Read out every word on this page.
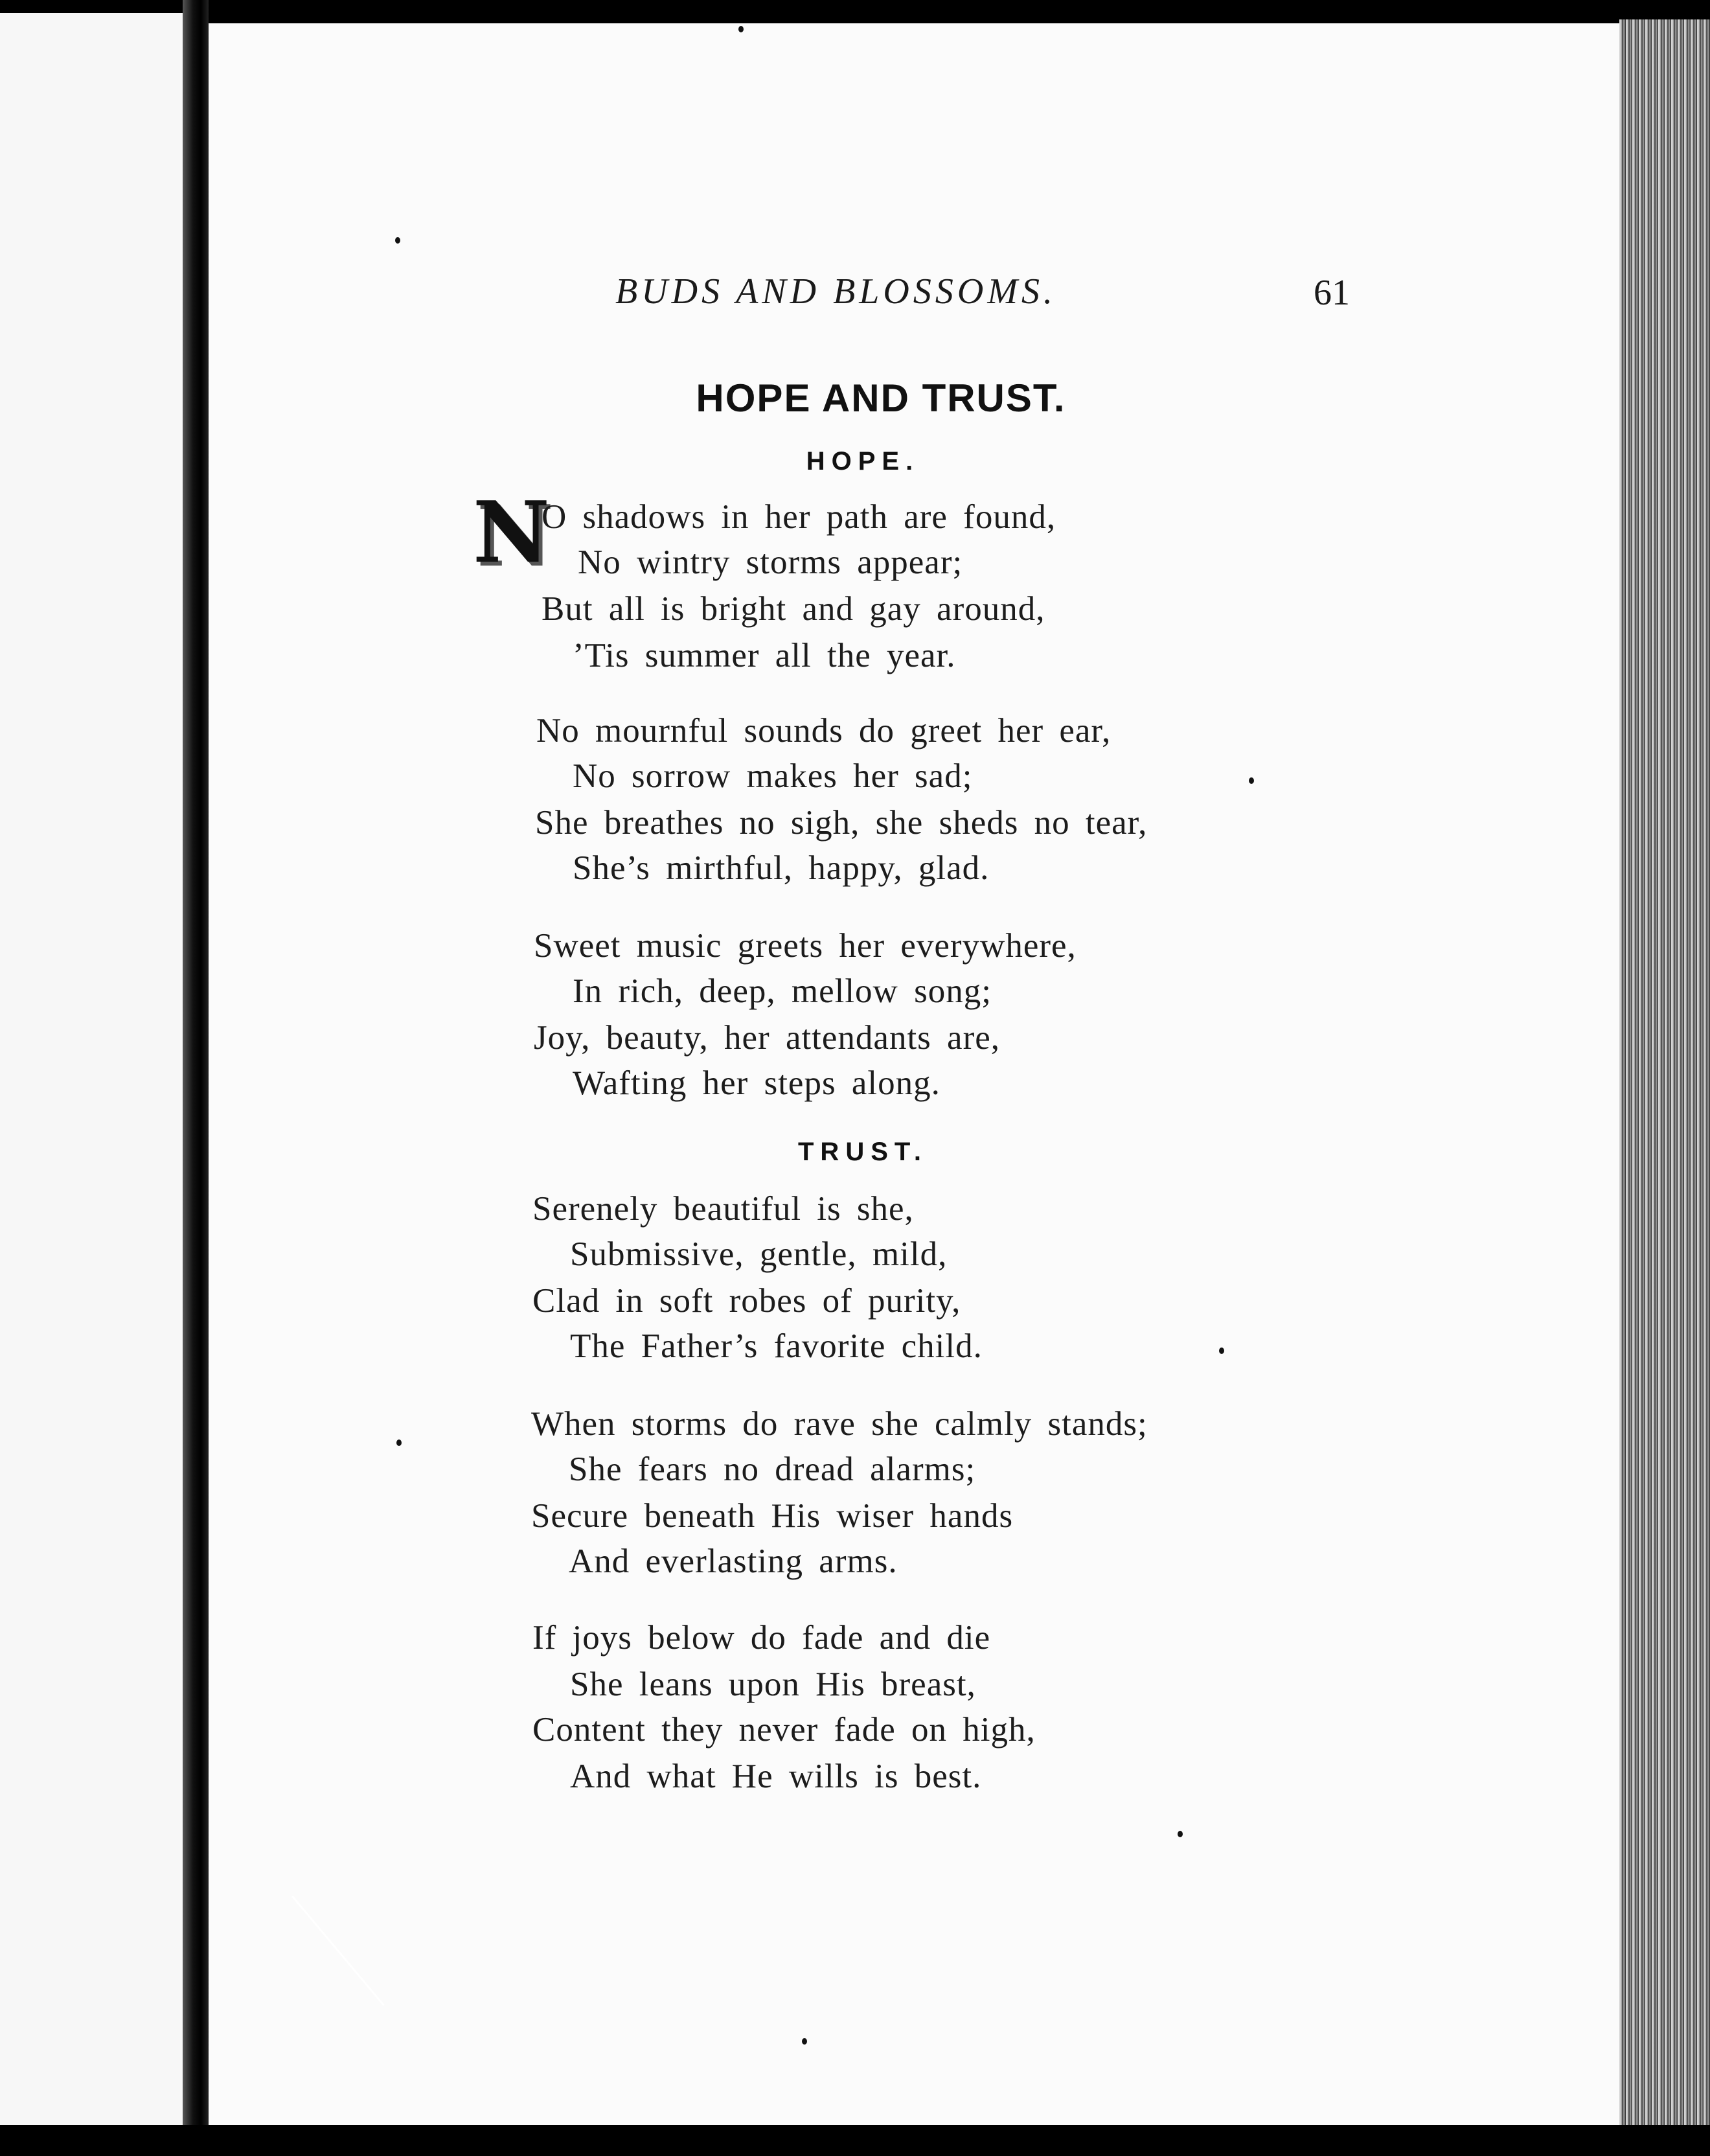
BUDS AND BLOSSOMS.	61
HOPE AND TRUST.
HOPE.
N
O shadows in her path are found,
No wintry storms appear;
But all is bright and gay around,
’Tis summer all the year.
No mournful sounds do greet her ear,
No sorrow makes her sad;
She breathes no sigh, she sheds no tear,
She’s mirthful, happy, glad.
Sweet music greets her everywhere,
In rich, deep, mellow song;
Joy, beauty, her attendants are,
Wafting her steps along.
TRUST.
Serenely beautiful is she,
Submissive, gentle, mild,
Clad in soft robes of purity,
The Father’s favorite child.
When storms do rave she calmly stands;
She fears no dread alarms;
Secure beneath His wiser hands
And everlasting arms.
If joys below do fade and die
She leans upon His breast,
Content they never fade on high,
And what He wills is best.
